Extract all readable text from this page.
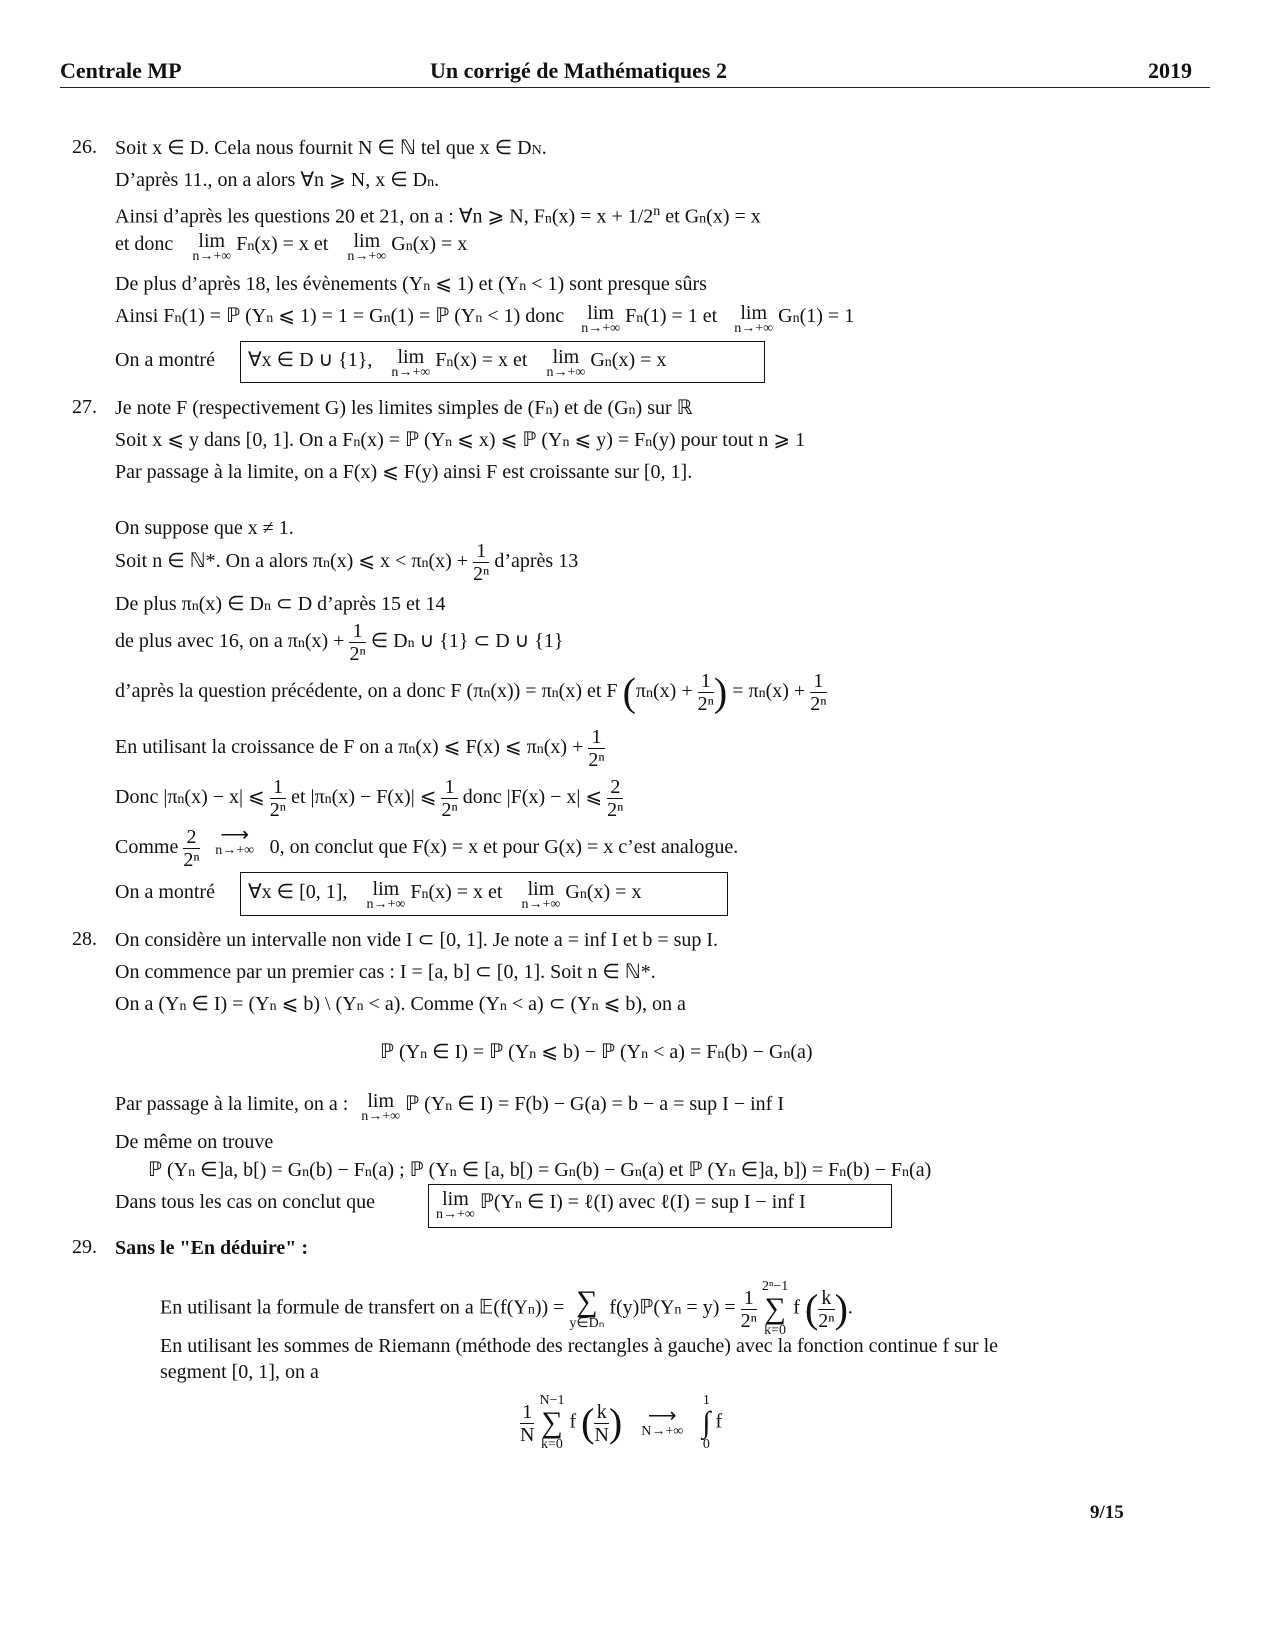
Centrale MP	Un corrigé de Mathématiques 2	2019
26. Soit x ∈ D. Cela nous fournit N ∈ ℕ tel que x ∈ DN.
D’après 11., on a alors ∀n ⩾ N, x ∈ Dn.
Ainsi d’après les questions 20 et 21, on a : ∀n ⩾ N, $Fn(x) = x + 1/2^n$ et Gn(x) = x
et donc lim
n→+∞
Fn(x) = x et lim
n→+∞
Gn(x) = x
De plus d’après 18, les évènements (Yn ⩽ 1) et (Yn < 1) sont presque sûrs
Ainsi Fn(1) = ℙ (Yn ⩽ 1) = 1 = Gn(1) = ℙ (Yn < 1) donc lim
n→+∞
Fn(1) = 1 et lim
n→+∞
Gn(1) = 1
On a montré ∀x ∈ D ∪ {1}, lim
n→+∞
Fn(x) = x et lim
n→+∞
Gn(x) = x
27. Je note F (respectivement G) les limites simples de (Fn) et de (Gn) sur ℝ
Soit x ⩽ y dans [0, 1]. On a Fn(x) = ℙ (Yn ⩽ x) ⩽ ℙ (Yn ⩽ y) = Fn(y) pour tout n ⩾ 1
Par passage à la limite, on a F(x) ⩽ F(y) ainsi F est croissante sur [0, 1].
On suppose que x ≠ 1.
Soit n ∈ ℕ*. On a alors πn(x) ⩽ $x < \pi n(x) + \frac{1}{\text{2ⁿ}}$ d’après 13
De plus πn(x) ∈ Dn ⊂ D d’après 15 et 14
de plus avec 16, on a $\pi n(x) + \frac{1}{\text{2ⁿ}}$ ∈ Dn ∪ {1} ⊂ D ∪ {1}
d’après la question précédente, on a donc F (πn(x)) = πn(x) et F ($\pi n(x) + \frac{1}{\text{2ⁿ}}$ ) = $\pi n(x) + \frac{1}{\text{2ⁿ}}$
En utilisant la croissance de F on a πn(x) ⩽ F(x) ⩽ $\pi n(x) + \frac{1}{\text{2ⁿ}}$
Donc |πn(x) − x| ⩽ $\frac{1}{\text{2ⁿ}}$ et |πn(x) − F(x)| ⩽ $\frac{1}{\text{2ⁿ}}$ donc |F(x) − x| ⩽ $\frac{2}{\text{2ⁿ}}$
Comme $\frac{2}{\text{2ⁿ}}$ ⟶
n→+∞ 0, on conclut que F(x) = x et pour G(x) = x c’est analogue.
On a montré ∀x ∈ [0, 1], lim
n→+∞
Fn(x) = x et lim
n→+∞
Gn(x) = x
28. On considère un intervalle non vide I ⊂ [0, 1]. Je note a = inf I et b = sup I.
On commence par un premier cas : I = [a, b] ⊂ [0, 1]. Soit n ∈ ℕ*.
On a (Yn ∈ I) = (Yn ⩽ b) \ (Yn < a). Comme (Yn < a) ⊂ (Yn ⩽ b), on a
ℙ (Yn ∈ I) = ℙ (Yn ⩽ b) − ℙ (Yn < a) = Fn(b) − Gn(a)
Par passage à la limite, on a : lim
n→+∞
ℙ (Yn ∈ I) = F(b) − G(a) = b − a = sup I − inf I
De même on trouve
ℙ (Yn ∈]a, b[) = Gn(b) − Fn(a) ; ℙ (Yn ∈ [a, b[) = Gn(b) − Gn(a) et ℙ (Yn ∈]a, b]) = Fn(b) − Fn(a)
Dans tous les cas on conclut que	lim
n→+∞
ℙ(Yn ∈ I) = ℓ(I) avec ℓ(I) = sup I − inf I
29. Sans le "En déduire" :
En utilisant la formule de transfert on a 𝔼(f(Yn)) = ∑
y∈Dₙ
f(y)ℙ(Yn = $y) = \frac{1}{\text{2ⁿ}}$
2ⁿ−1
∑
k=0
f ( $\frac{k}{\text{2ⁿ}}$ ).
En utilisant les sommes de Riemann (méthode des rectangles à gauche) avec la fonction continue f sur le
segment [0, 1], on a
$\frac{1}{N}$
N−1
∑
k=0
f ( $\frac{k}{N}$ ) ⟶
N→+∞

1
∫
0
f
9/15
